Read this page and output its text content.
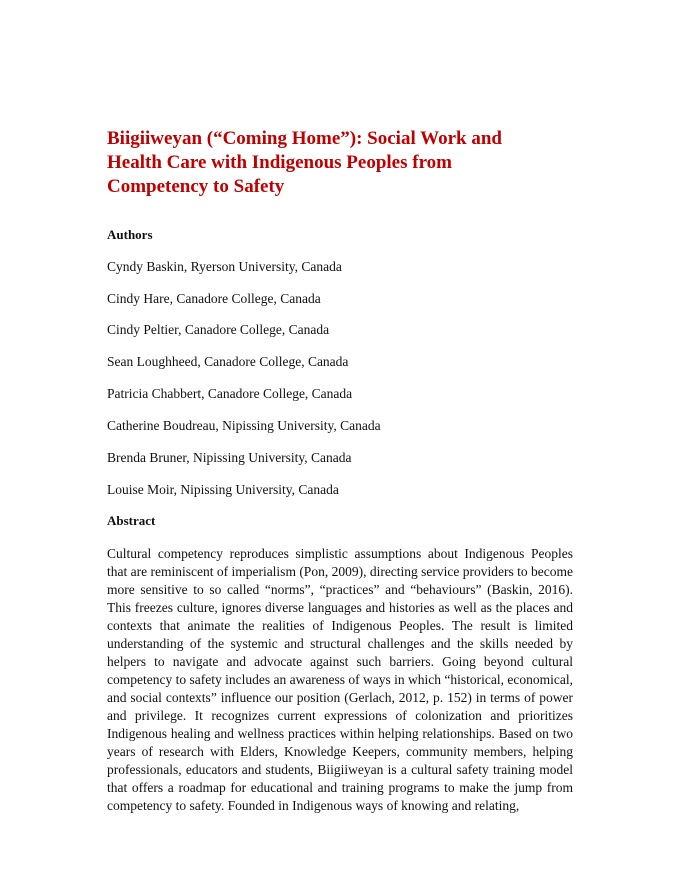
Biigiiweyan (“Coming Home”): Social Work and
Health Care with Indigenous Peoples from
Competency to Safety

Authors

Cyndy Baskin, Ryerson University, Canada

Cindy Hare, Canadore College, Canada

Cindy Peltier, Canadore College, Canada

Sean Loughheed, Canadore College, Canada

Patricia Chabbert, Canadore College, Canada

Catherine Boudreau, Nipissing University, Canada

Brenda Bruner, Nipissing University, Canada

Louise Moir, Nipissing University, Canada

Abstract

Cultural competency reproduces simplistic assumptions about Indigenous Peoples that are reminiscent of imperialism (Pon, 2009), directing service providers to become more sensitive to so called “norms”, “practices” and “behaviours” (Baskin, 2016). This freezes culture, ignores diverse languages and histories as well as the places and contexts that animate the realities of Indigenous Peoples. The result is limited understanding of the systemic and structural challenges and the skills needed by helpers to navigate and advocate against such barriers. Going beyond cultural competency to safety includes an awareness of ways in which “historical, economical, and social contexts” influence our position (Gerlach, 2012, p. 152) in terms of power and privilege. It recognizes current expressions of colonization and prioritizes Indigenous healing and wellness practices within helping relationships. Based on two years of research with Elders, Knowledge Keepers, community members, helping professionals, educators and students, Biigiiweyan is a cultural safety training model that offers a roadmap for educational and training programs to make the jump from competency to safety. Founded in Indigenous ways of knowing and relating,
